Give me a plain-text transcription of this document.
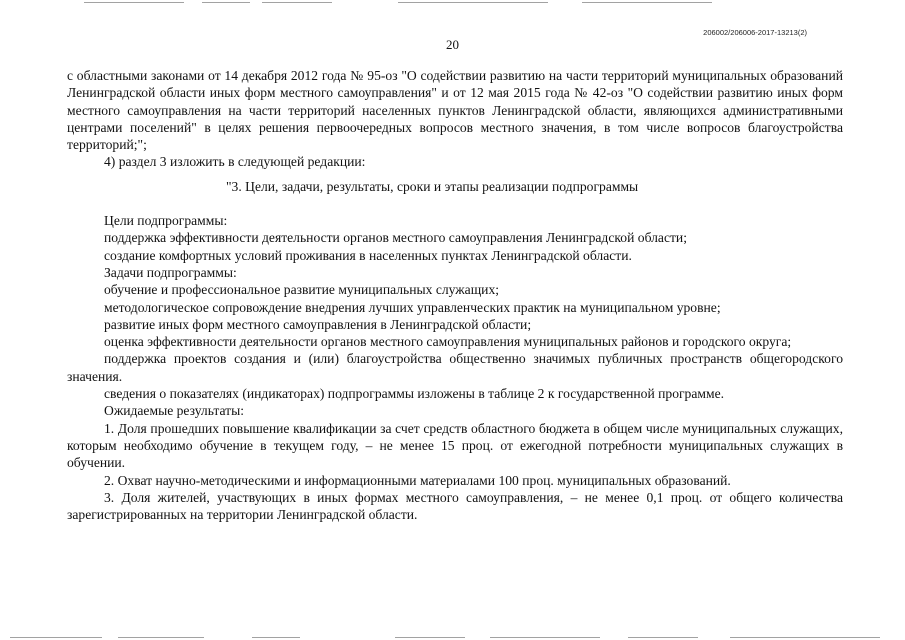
206002/206006-2017-13213(2)
20

с областными законами от 14 декабря 2012 года № 95-оз "О содействии развитию на части территорий муниципальных образований Ленинградской области иных форм местного самоуправления" и от 12 мая 2015 года № 42-оз "О содействии развитию иных форм местного самоуправления на части территорий населенных пунктов Ленинградской области, являющихся административными центрами поселений" в целях решения первоочередных вопросов местного значения, в том числе вопросов благоустройства территорий;";

4) раздел 3 изложить в следующей редакции:

"3. Цели, задачи, результаты, сроки и этапы реализации подпрограммы

Цели подпрограммы:

поддержка эффективности деятельности органов местного самоуправления Ленинградской области;

создание комфортных условий проживания в населенных пунктах Ленинградской области.

Задачи подпрограммы:

обучение и профессиональное развитие муниципальных служащих;

методологическое сопровождение внедрения лучших управленческих практик на муниципальном уровне;

развитие иных форм местного самоуправления в Ленинградской области;

оценка эффективности деятельности органов местного самоуправления муниципальных районов и городского округа;

поддержка проектов создания и (или) благоустройства общественно значимых публичных пространств общегородского значения.

сведения о показателях (индикаторах) подпрограммы изложены в таблице 2 к государственной программе.

Ожидаемые результаты:

1. Доля прошедших повышение квалификации за счет средств областного бюджета в общем числе муниципальных служащих, которым необходимо обучение в текущем году, – не менее 15 проц. от ежегодной потребности муниципальных служащих в обучении.

2. Охват научно-методическими и информационными материалами 100 проц. муниципальных образований.

3. Доля жителей, участвующих в иных формах местного самоуправления, – не менее 0,1 проц. от общего количества зарегистрированных на территории Ленинградской области.
